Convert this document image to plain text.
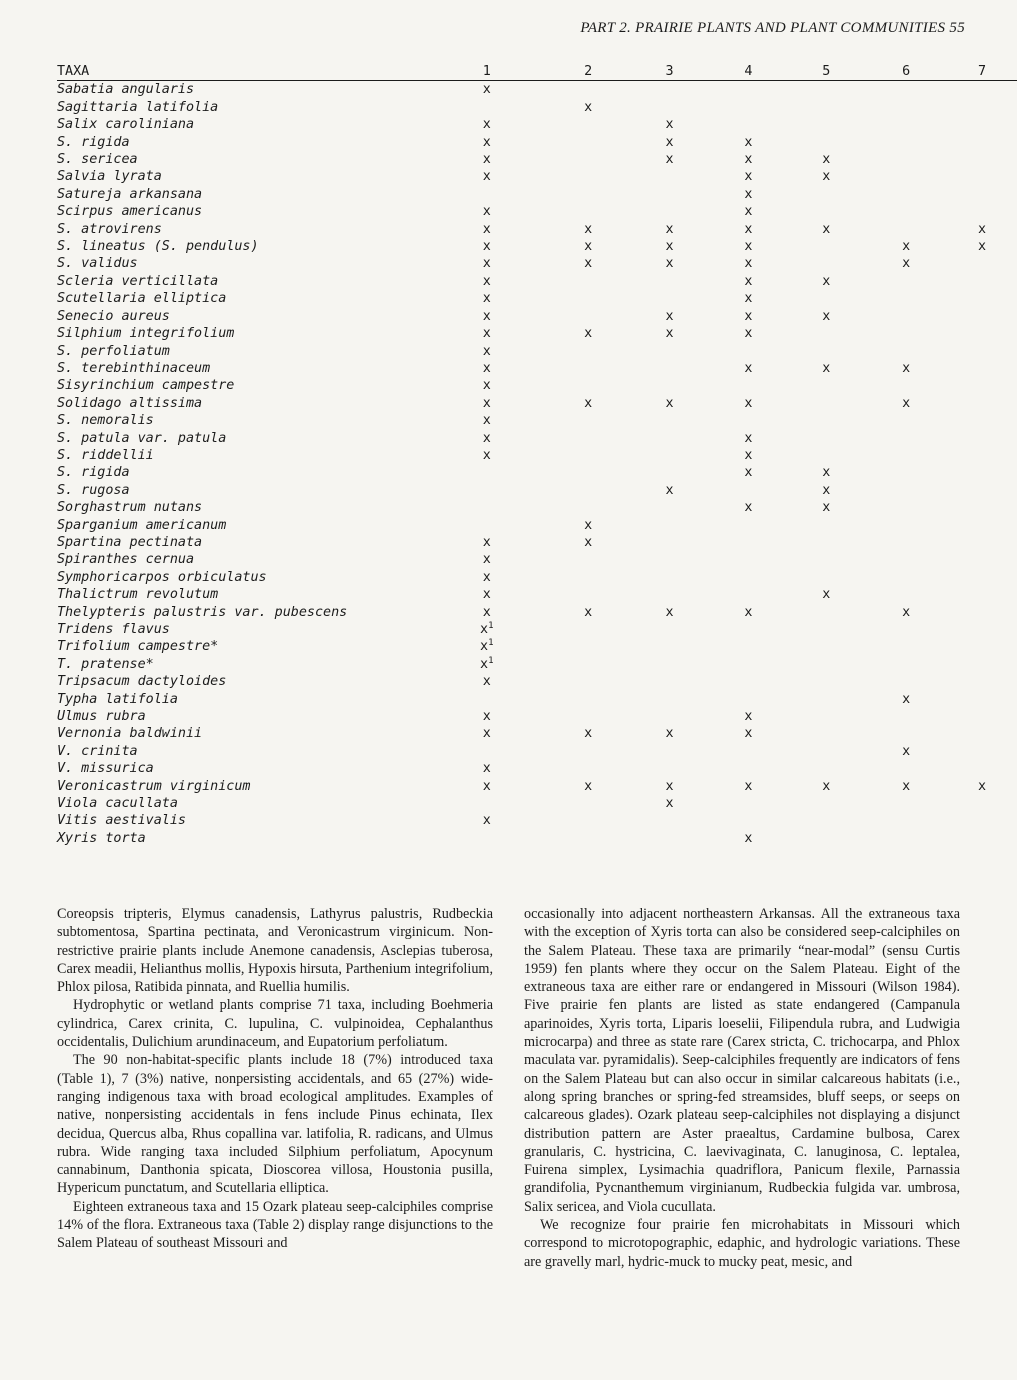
PART 2. PRAIRIE PLANTS AND PLANT COMMUNITIES 55
TAXA	1	2	3	4	5	6	7
Sabatia angularis	x						
Sagittaria latifolia		x					
Salix caroliniana	x		x				
S. rigida	x		x	x			
S. sericea	x		x	x	x		
Salvia lyrata	x			x	x		
Satureja arkansana				x			
Scirpus americanus	x			x			
S. atrovirens	x	x	x	x	x		x
S. lineatus (S. pendulus)	x	x	x	x		x	x
S. validus	x	x	x	x		x	
Scleria verticillata	x			x	x		
Scutellaria elliptica	x			x			
Senecio aureus	x		x	x	x		
Silphium integrifolium	x	x	x	x			
S. perfoliatum	x						
S. terebinthinaceum	x			x	x	x	
Sisyrinchium campestre	x						
Solidago altissima	x	x	x	x		x	
S. nemoralis	x						
S. patula var. patula	x			x			
S. riddellii	x			x			
S. rigida				x	x		
S. rugosa			x		x		
Sorghastrum nutans				x	x		
Sparganium americanum		x					
Spartina pectinata	x	x					
Spiranthes cernua	x						
Symphoricarpos orbiculatus	x						
Thalictrum revolutum	x				x		
Thelypteris palustris var. pubescens	x	x	x	x		x	
Tridens flavus	$x^1$						
Trifolium campestre*	$x^1$						
T. pratense*	$x^1$						
Tripsacum dactyloides	x						
Typha latifolia						x	
Ulmus rubra	x			x			
Vernonia baldwinii	x	x	x	x			
V. crinita						x	
V. missurica	x						
Veronicastrum virginicum	x	x	x	x	x	x	x
Viola cacullata			x				
Vitis aestivalis	x						
Xyris torta				x			

Coreopsis tripteris, Elymus canadensis, Lathyrus palustris, Rudbeckia subtomentosa, Spartina pectinata, and Veronicastrum virginicum. Non-restrictive prairie plants include Anemone canadensis, Asclepias tuberosa, Carex meadii, Helianthus mollis, Hypoxis hirsuta, Parthenium integrifolium, Phlox pilosa, Ratibida pinnata, and Ruellia humilis.

Hydrophytic or wetland plants comprise 71 taxa, including Boehmeria cylindrica, Carex crinita, C. lupulina, C. vulpinoidea, Cephalanthus occidentalis, Dulichium arundinaceum, and Eupatorium perfoliatum.

The 90 non-habitat-specific plants include 18 (7%) introduced taxa (Table 1), 7 (3%) native, nonpersisting accidentals, and 65 (27%) wide-ranging indigenous taxa with broad ecological amplitudes. Examples of native, nonpersisting accidentals in fens include Pinus echinata, Ilex decidua, Quercus alba, Rhus copallina var. latifolia, R. radicans, and Ulmus rubra. Wide ranging taxa included Silphium perfoliatum, Apocynum cannabinum, Danthonia spicata, Dioscorea villosa, Houstonia pusilla, Hypericum punctatum, and Scutellaria elliptica.

Eighteen extraneous taxa and 15 Ozark plateau seep-calciphiles comprise 14% of the flora. Extraneous taxa (Table 2) display range disjunctions to the Salem Plateau of southeast Missouri and

occasionally into adjacent northeastern Arkansas. All the extraneous taxa with the exception of Xyris torta can also be considered seep-calciphiles on the Salem Plateau. These taxa are primarily “near-modal” (sensu Curtis 1959) fen plants where they occur on the Salem Plateau. Eight of the extraneous taxa are either rare or endangered in Missouri (Wilson 1984). Five prairie fen plants are listed as state endangered (Campanula aparinoides, Xyris torta, Liparis loeselii, Filipendula rubra, and Ludwigia microcarpa) and three as state rare (Carex stricta, C. trichocarpa, and Phlox maculata var. pyramidalis). Seep-calciphiles frequently are indicators of fens on the Salem Plateau but can also occur in similar calcareous habitats (i.e., along spring branches or spring-fed streamsides, bluff seeps, or seeps on calcareous glades). Ozark plateau seep-calciphiles not displaying a disjunct distribution pattern are Aster praealtus, Cardamine bulbosa, Carex granularis, C. hystricina, C. laevivaginata, C. lanuginosa, C. leptalea, Fuirena simplex, Lysimachia quadriflora, Panicum flexile, Parnassia grandifolia, Pycnanthemum virginianum, Rudbeckia fulgida var. umbrosa, Salix sericea, and Viola cucullata.

We recognize four prairie fen microhabitats in Missouri which correspond to microtopographic, edaphic, and hydrologic variations. These are gravelly marl, hydric-muck to mucky peat, mesic, and
